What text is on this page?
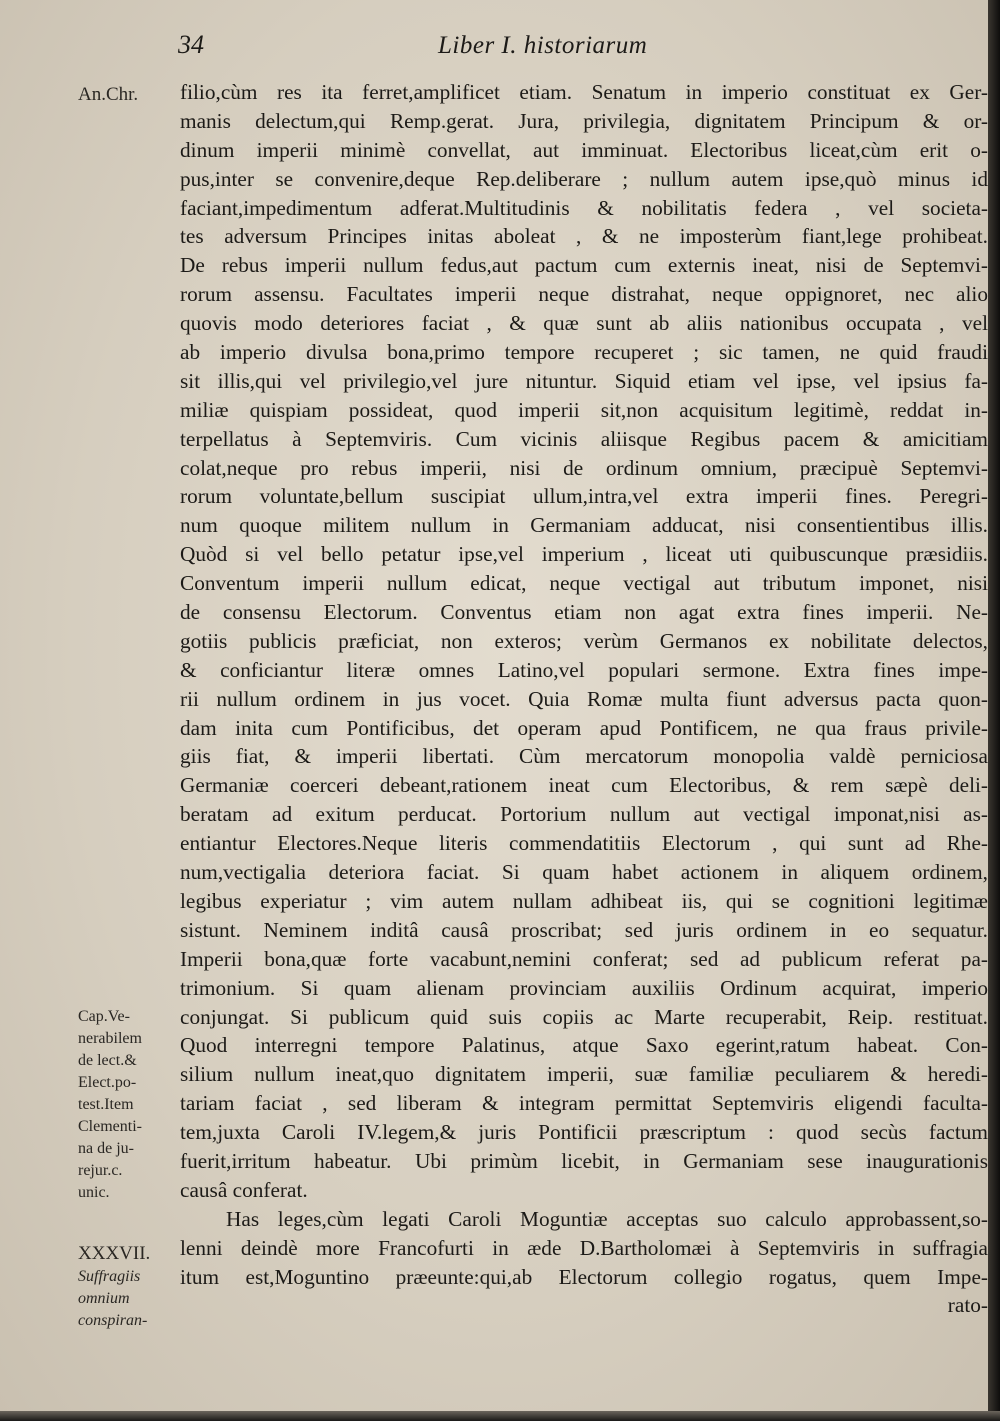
34	Liber I. historiarum
An.Chr.
Cap.Ve-
nerabilem
de lect.&
Elect.po-
test.Item
Clementi-
na de ju-
rejur.c.
unic.
XXXVII.
Suffragiis
omnium
conspiran-
filio,cùm res ita ferret,amplificet etiam. Senatum in imperio constituat ex Ger-
manis delectum,qui Remp.gerat. Jura, privilegia, dignitatem Principum & or-
dinum imperii minimè convellat, aut imminuat. Electoribus liceat,cùm erit o-
pus,inter se convenire,deque Rep.deliberare ; nullum autem ipse,quò minus id
faciant,impedimentum adferat.Multitudinis & nobilitatis federa , vel societa-
tes adversum Principes initas aboleat , & ne imposterùm fiant,lege prohibeat.
De rebus imperii nullum fedus,aut pactum cum externis ineat, nisi de Septemvi-
rorum assensu. Facultates imperii neque distrahat, neque oppignoret, nec alio
quovis modo deteriores faciat , & quæ sunt ab aliis nationibus occupata , vel
ab imperio divulsa bona,primo tempore recuperet ; sic tamen, ne quid fraudi
sit illis,qui vel privilegio,vel jure nituntur. Siquid etiam vel ipse, vel ipsius fa-
miliæ quispiam possideat, quod imperii sit,non acquisitum legitimè, reddat in-
terpellatus à Septemviris. Cum vicinis aliisque Regibus pacem & amicitiam
colat,neque pro rebus imperii, nisi de ordinum omnium, præcipuè Septemvi-
rorum voluntate,bellum suscipiat ullum,intra,vel extra imperii fines. Peregri-
num quoque militem nullum in Germaniam adducat, nisi consentientibus illis.
Quòd si vel bello petatur ipse,vel imperium , liceat uti quibuscunque præsidiis.
Conventum imperii nullum edicat, neque vectigal aut tributum imponet, nisi
de consensu Electorum. Conventus etiam non agat extra fines imperii. Ne-
gotiis publicis præficiat, non exteros; verùm Germanos ex nobilitate delectos,
& conficiantur literæ omnes Latino,vel populari sermone. Extra fines impe-
rii nullum ordinem in jus vocet. Quia Romæ multa fiunt adversus pacta quon-
dam inita cum Pontificibus, det operam apud Pontificem, ne qua fraus privile-
giis fiat, & imperii libertati. Cùm mercatorum monopolia valdè perniciosa
Germaniæ coerceri debeant,rationem ineat cum Electoribus, & rem sæpè deli-
beratam ad exitum perducat. Portorium nullum aut vectigal imponat,nisi as-
entiantur Electores.Neque literis commendatitiis Electorum , qui sunt ad Rhe-
num,vectigalia deteriora faciat. Si quam habet actionem in aliquem ordinem,
legibus experiatur ; vim autem nullam adhibeat iis, qui se cognitioni legitimæ
sistunt. Neminem inditâ causâ proscribat; sed juris ordinem in eo sequatur.
Imperii bona,quæ forte vacabunt,nemini conferat; sed ad publicum referat pa-
trimonium. Si quam alienam provinciam auxiliis Ordinum acquirat, imperio
conjungat. Si publicum quid suis copiis ac Marte recuperabit, Reip. restituat.
Quod interregni tempore Palatinus, atque Saxo egerint,ratum habeat. Con-
silium nullum ineat,quo dignitatem imperii, suæ familiæ peculiarem & heredi-
tariam faciat , sed liberam & integram permittat Septemviris eligendi faculta-
tem,juxta Caroli IV.legem,& juris Pontificii præscriptum : quod secùs factum
fuerit,irritum habeatur. Ubi primùm licebit, in Germaniam sese inaugurationis
causâ conferat.
Has leges,cùm legati Caroli Moguntiæ acceptas suo calculo approbassent,so-
lenni deindè more Francofurti in æde D.Bartholomæi à Septemviris in suffragia
itum est,Moguntino præeunte:qui,ab Electorum collegio rogatus, quem Impe-
rato-
